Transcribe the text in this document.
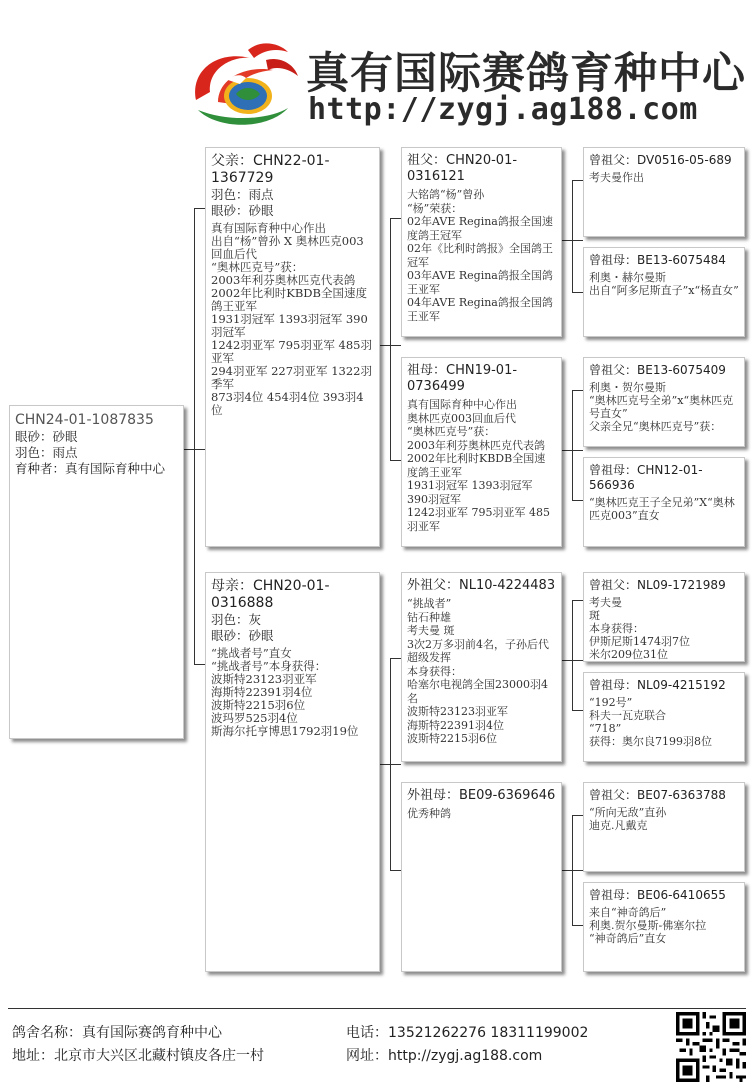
真有国际赛鸽育种中心
http://zygj.ag188.com
CHN24-01-1087835
眼砂：砂眼
羽色：雨点
育种者：真有国际育种中心
父亲：CHN22-01-1367729
羽色：雨点
眼砂：砂眼
真有国际育种中心作出
出自“杨”曾孙 X 奥林匹克003回血后代
“奥林匹克号”获：
2003年利芬奥林匹克代表鸽
2002年比利时KBDB全国速度鸽王亚军
1931羽冠军 1393羽冠军 390羽冠军
1242羽亚军 795羽亚军 485羽亚军
294羽亚军 227羽亚军 1322羽季军
873羽4位 454羽4位 393羽4位
母亲：CHN20-01-0316888
羽色：灰
眼砂：砂眼
“挑战者号”直女
“挑战者号”本身获得：
波斯特23123羽亚军
海斯特22391羽4位
波斯特2215羽6位
波玛罗525羽4位
斯海尔托亨博思1792羽19位
祖父：CHN20-01-0316121
大铭鸽“杨”曾孙
“杨”荣获：
02年AVE Regina鸽报全国速度鸽王冠军
02年《比利时鸽报》全国鸽王冠军
03年AVE Regina鸽报全国鸽王亚军
04年AVE Regina鸽报全国鸽王亚军
祖母：CHN19-01-0736499
真有国际育种中心作出
奥林匹克003回血后代
“奥林匹克号”获：
2003年利芬奥林匹克代表鸽
2002年比利时KBDB全国速度鸽王亚军
1931羽冠军 1393羽冠军 390羽冠军
1242羽亚军 795羽亚军 485羽亚军
外祖父：NL10-4224483
“挑战者”
钻石种雄
考夫曼 斑
3次2万多羽前4名，子孙后代超级发挥
本身获得：
哈塞尔电视鸽全国23000羽4名
波斯特23123羽亚军
海斯特22391羽4位
波斯特2215羽6位
外祖母：BE09-6369646
优秀种鸽
曾祖父：DV0516-05-689
考夫曼作出
曾祖母：BE13-6075484
利奥・赫尔曼斯
出自“阿多尼斯直子”x“杨直女”
曾祖父：BE13-6075409
利奥・贺尔曼斯
“奥林匹克号全弟”x“奥林匹克号直女”
父亲全兄“奥林匹克号”获：
曾祖母：CHN12-01-566936
“奥林匹克王子全兄弟”X“奥林匹克003”直女
曾祖父：NL09-1721989
考夫曼
斑
本身获得：
伊斯尼斯1474羽7位
米尔209位31位
曾祖母：NL09-4215192
“192号”
科夫一瓦克联合
“718”
获得：奥尔良7199羽8位
曾祖父：BE07-6363788
“所向无敌”直孙
迪克.凡戴克
曾祖母：BE06-6410655
来自“神奇鸽后”
利奥.贺尔曼斯-佛塞尔拉
“神奇鸽后”直女
鸽舍名称：真有国际赛鸽育种中心
地址：北京市大兴区北藏村镇皮各庄一村
电话：13521262276 18311199002
网址：http://zygj.ag188.com
